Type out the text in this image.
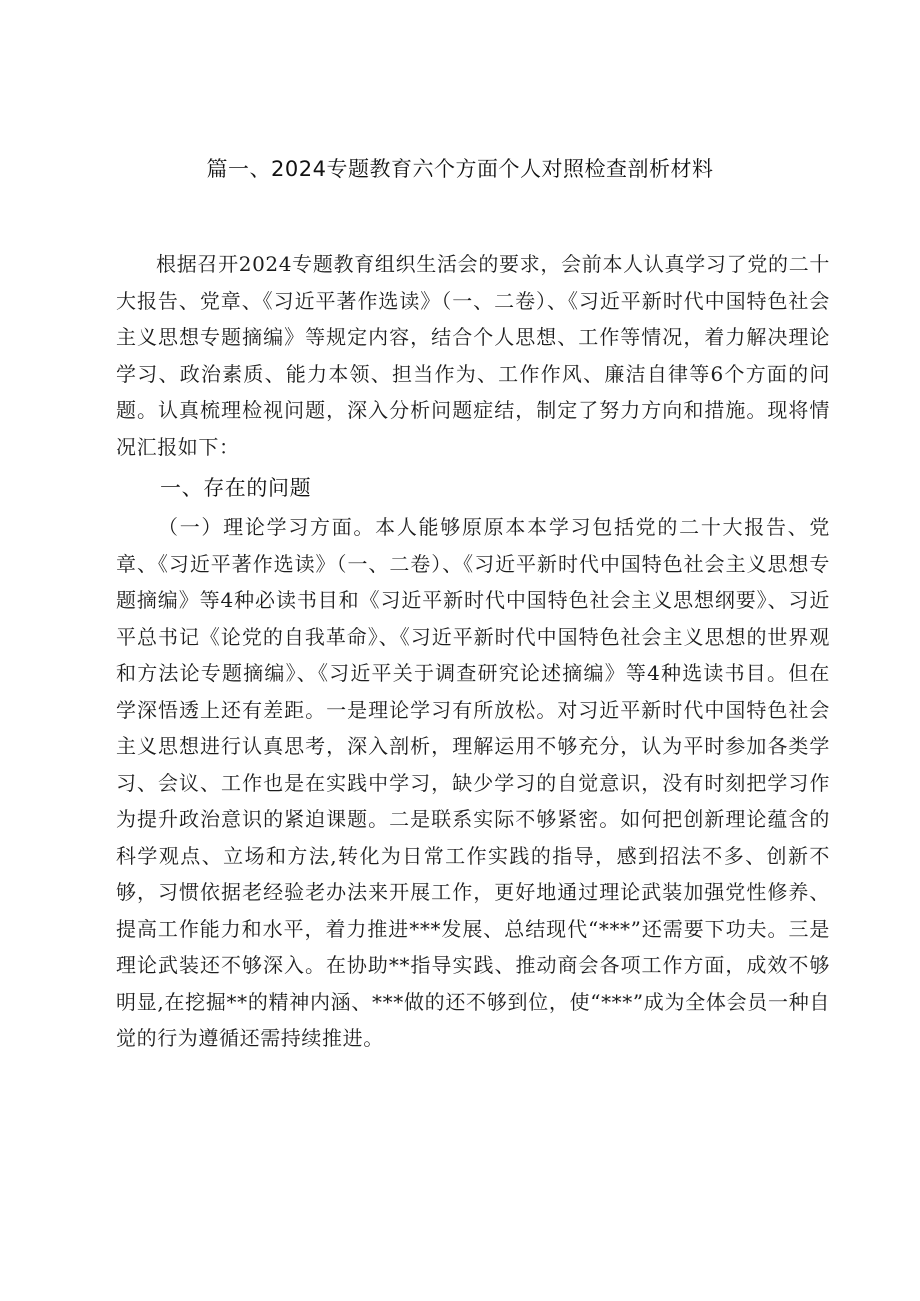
篇一、2024专题教育六个方面个人对照检查剖析材料

根据召开2024专题教育组织生活会的要求，会前本人认真学习了党的二十大报告、党章、《习近平著作选读》（一、二卷）、《习近平新时代中国特色社会主义思想专题摘编》等规定内容，结合个人思想、工作等情况，着力解决理论学习、政治素质、能力本领、担当作为、工作作风、廉洁自律等6个方面的问题。认真梳理检视问题，深入分析问题症结，制定了努力方向和措施。现将情况汇报如下：

一、存在的问题

（一）理论学习方面。本人能够原原本本学习包括党的二十大报告、党章、《习近平著作选读》（一、二卷）、《习近平新时代中国特色社会主义思想专题摘编》等4种必读书目和《习近平新时代中国特色社会主义思想纲要》、习近平总书记《论党的自我革命》、《习近平新时代中国特色社会主义思想的世界观和方法论专题摘编》、《习近平关于调查研究论述摘编》等4种选读书目。但在学深悟透上还有差距。一是理论学习有所放松。对习近平新时代中国特色社会主义思想进行认真思考，深入剖析，理解运用不够充分，认为平时参加各类学习、会议、工作也是在实践中学习，缺少学习的自觉意识，没有时刻把学习作为提升政治意识的紧迫课题。二是联系实际不够紧密。如何把创新理论蕴含的科学观点、立场和方法,转化为日常工作实践的指导，感到招法不多、创新不够，习惯依据老经验老办法来开展工作，更好地通过理论武装加强党性修养、提高工作能力和水平，着力推进***发展、总结现代“***”还需要下功夫。三是理论武装还不够深入。在协助**指导实践、推动商会各项工作方面，成效不够明显,在挖掘**的精神内涵、***做的还不够到位，使“***”成为全体会员一种自觉的行为遵循还需持续推进。
